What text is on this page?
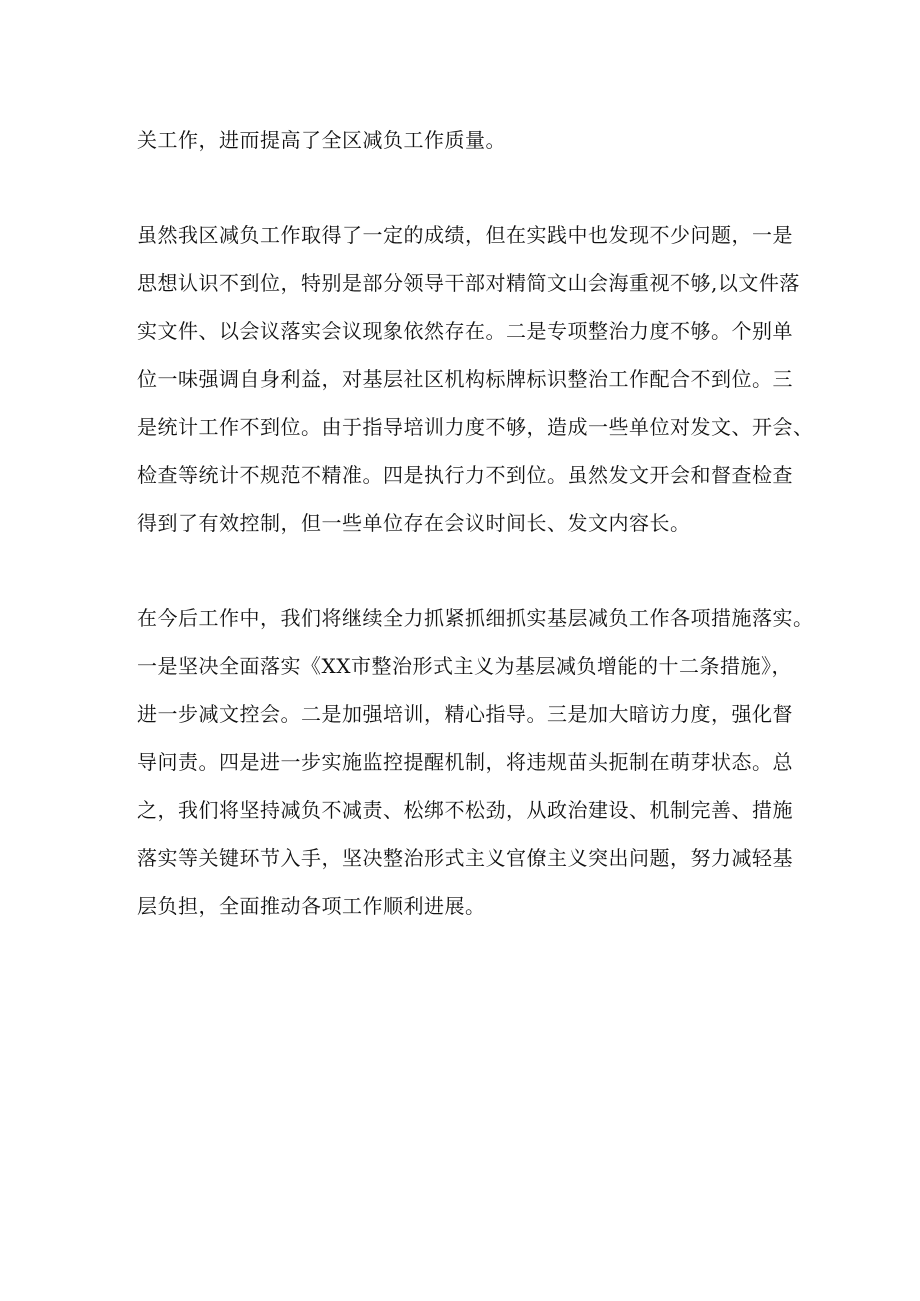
关工作，进而提高了全区减负工作质量。
虽然我区减负工作取得了一定的成绩，但在实践中也发现不少问题，一是
思想认识不到位，特别是部分领导干部对精简文山会海重视不够,以文件落
实文件、以会议落实会议现象依然存在。二是专项整治力度不够。个别单
位一味强调自身利益，对基层社区机构标牌标识整治工作配合不到位。三
是统计工作不到位。由于指导培训力度不够，造成一些单位对发文、开会、
检查等统计不规范不精准。四是执行力不到位。虽然发文开会和督查检查
得到了有效控制，但一些单位存在会议时间长、发文内容长。
在今后工作中，我们将继续全力抓紧抓细抓实基层减负工作各项措施落实。
一是坚决全面落实《XX市整治形式主义为基层减负增能的十二条措施》，
进一步减文控会。二是加强培训，精心指导。三是加大暗访力度，强化督
导问责。四是进一步实施监控提醒机制，将违规苗头扼制在萌芽状态。总
之，我们将坚持减负不减责、松绑不松劲，从政治建设、机制完善、措施
落实等关键环节入手，坚决整治形式主义官僚主义突出问题，努力减轻基
层负担，全面推动各项工作顺利进展。
